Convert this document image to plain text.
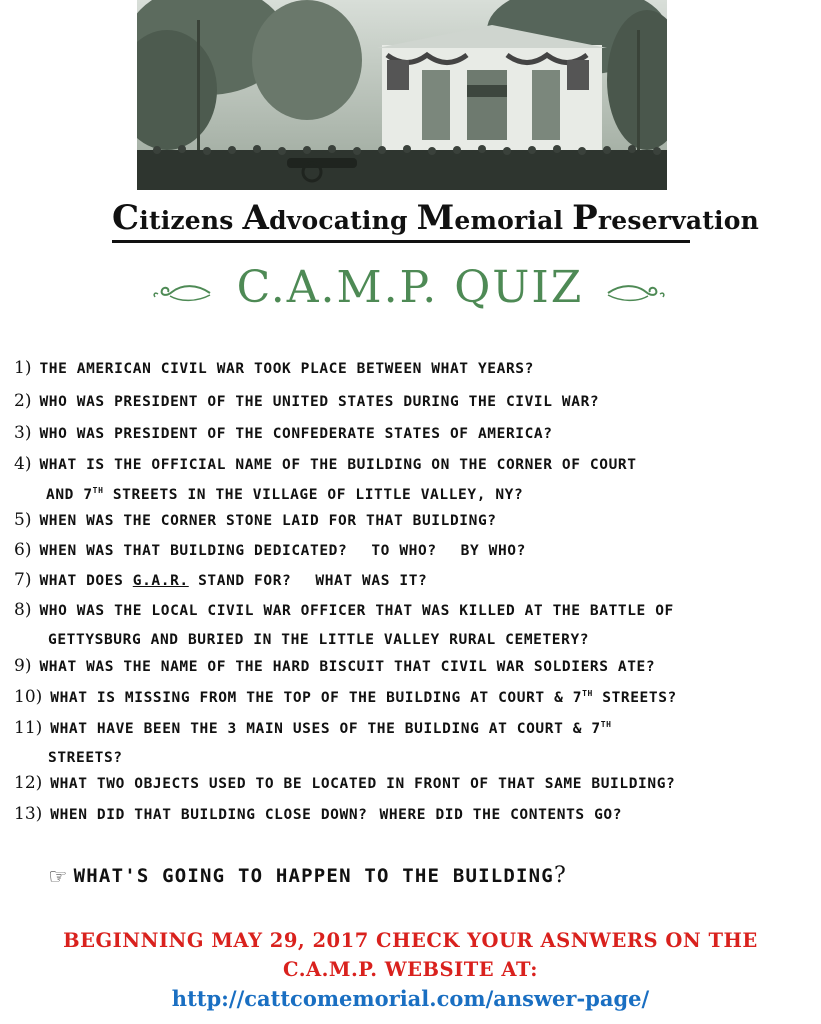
Citizens Advocating Memorial Preservation
C.A.M.P. QUIZ
1) THE AMERICAN CIVIL WAR TOOK PLACE BETWEEN WHAT YEARS?
2) WHO WAS PRESIDENT OF THE UNITED STATES DURING THE CIVIL WAR?
3) WHO WAS PRESIDENT OF THE CONFEDERATE STATES OF AMERICA?
4) WHAT IS THE OFFICIAL NAME OF THE BUILDING ON THE CORNER OF COURT
AND 7TH STREETS IN THE VILLAGE OF LITTLE VALLEY, NY?
5) WHEN WAS THE CORNER STONE LAID FOR THAT BUILDING?
6) WHEN WAS THAT BUILDING DEDICATED? TO WHO? BY WHO?
7) WHAT DOES G.A.R. STAND FOR? WHAT WAS IT?
8) WHO WAS THE LOCAL CIVIL WAR OFFICER THAT WAS KILLED AT THE BATTLE OF
GETTYSBURG AND BURIED IN THE LITTLE VALLEY RURAL CEMETERY?
9) WHAT WAS THE NAME OF THE HARD BISCUIT THAT CIVIL WAR SOLDIERS ATE?
10) WHAT IS MISSING FROM THE TOP OF THE BUILDING AT COURT & 7TH STREETS?
11) WHAT HAVE BEEN THE 3 MAIN USES OF THE BUILDING AT COURT & 7TH
STREETS?
12) WHAT TWO OBJECTS USED TO BE LOCATED IN FRONT OF THAT SAME BUILDING?
13) WHEN DID THAT BUILDING CLOSE DOWN? WHERE DID THE CONTENTS GO?
☞ WHAT'S GOING TO HAPPEN TO THE BUILDING?
BEGINNING MAY 29, 2017 CHECK YOUR ASNWERS ON THE
C.A.M.P. WEBSITE AT:
http://cattcomemorial.com/answer-page/
